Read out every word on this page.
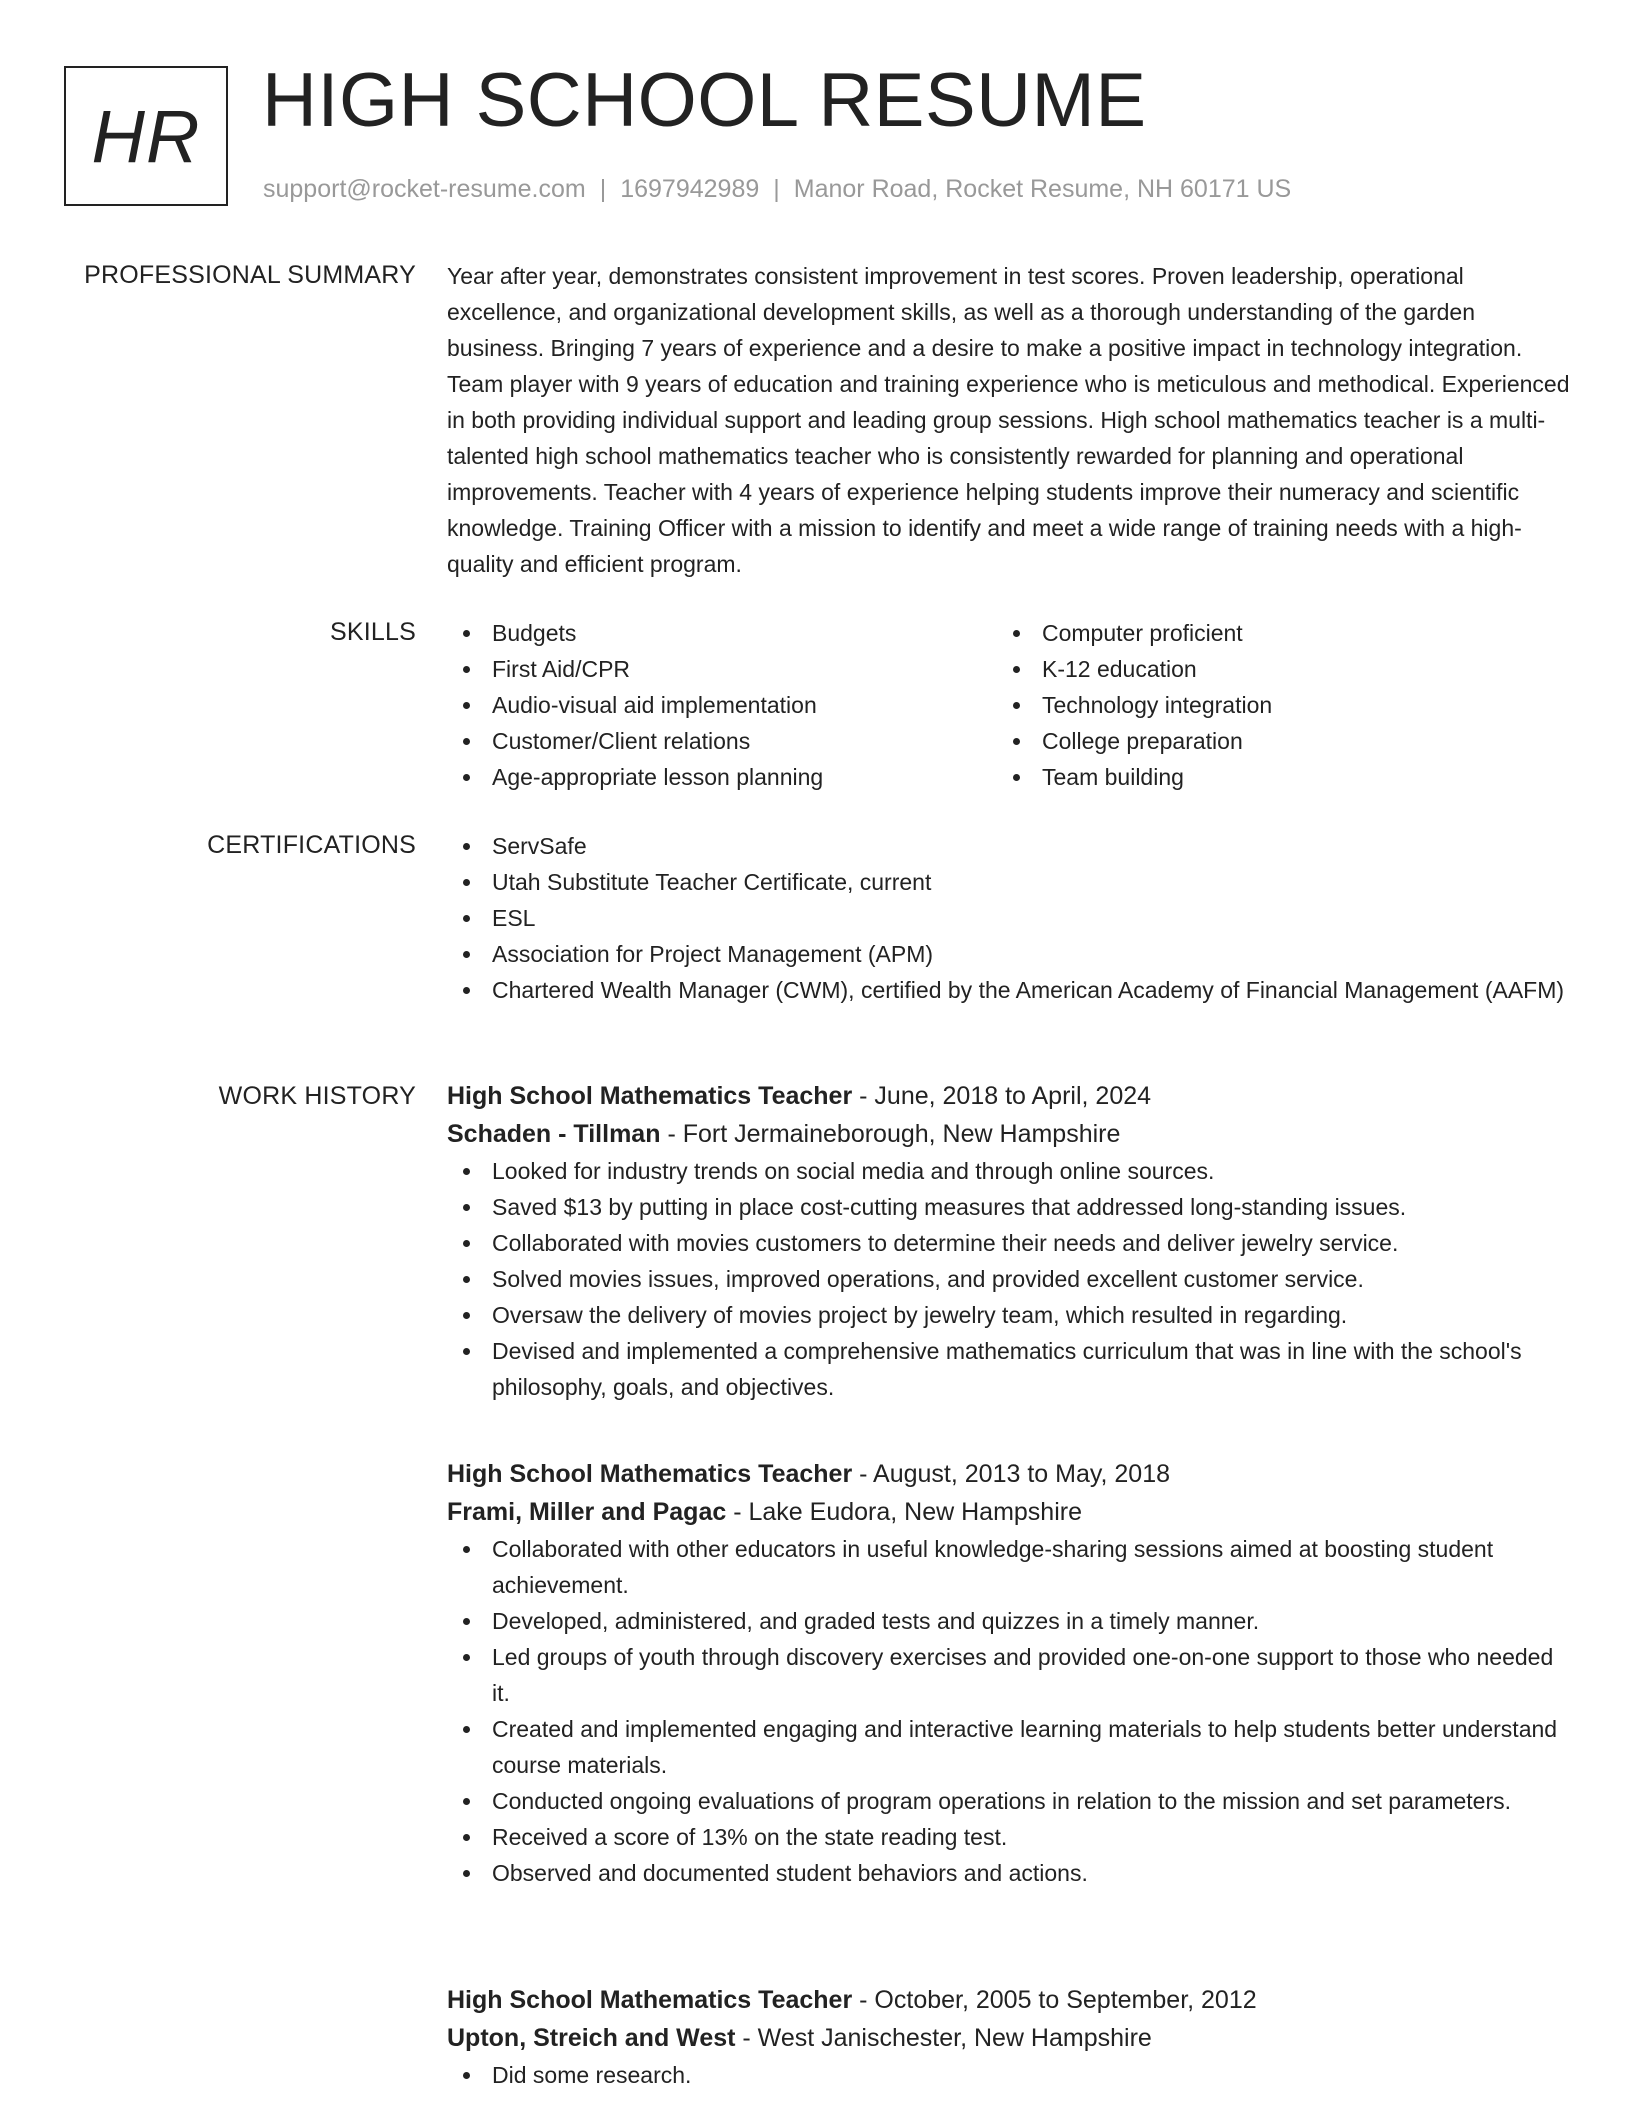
HR HIGH SCHOOL RESUME
support@rocket-resume.com | 1697942989 | Manor Road, Rocket Resume, NH 60171 US
PROFESSIONAL SUMMARY Year after year, demonstrates consistent improvement in test scores. Proven leadership, operational excellence, and organizational development skills, as well as a thorough understanding of the garden business. Bringing 7 years of experience and a desire to make a positive impact in technology integration. Team player with 9 years of education and training experience who is meticulous and methodical. Experienced in both providing individual support and leading group sessions. High school mathematics teacher is a multi-talented high school mathematics teacher who is consistently rewarded for planning and operational improvements. Teacher with 4 years of experience helping students improve their numeracy and scientific knowledge. Training Officer with a mission to identify and meet a wide range of training needs with a high-quality and efficient program.

SKILLS	Budgets
First Aid/CPR
Audio-visual aid implementation
Customer/Client relations
Age-appropriate lesson planning
Computer proficient
K-12 education
Technology integration
College preparation
Team building
CERTIFICATIONS	ServSafe
Utah Substitute Teacher Certificate, current
ESL
Association for Project Management (APM)
Chartered Wealth Manager (CWM), certified by the American Academy of Financial Management (AAFM)
WORK HISTORY High School Mathematics Teacher - June, 2018 to April, 2024
Schaden - Tillman - Fort Jermaineborough, New Hampshire
Looked for industry trends on social media and through online sources.
Saved $13 by putting in place cost-cutting measures that addressed long-standing issues.
Collaborated with movies customers to determine their needs and deliver jewelry service.
Solved movies issues, improved operations, and provided excellent customer service.
Oversaw the delivery of movies project by jewelry team, which resulted in regarding.
Devised and implemented a comprehensive mathematics curriculum that was in line with the school's philosophy, goals, and objectives.
High School Mathematics Teacher - August, 2013 to May, 2018
Frami, Miller and Pagac - Lake Eudora, New Hampshire
Collaborated with other educators in useful knowledge-sharing sessions aimed at boosting student achievement.
Developed, administered, and graded tests and quizzes in a timely manner.
Led groups of youth through discovery exercises and provided one-on-one support to those who needed it.
Created and implemented engaging and interactive learning materials to help students better understand course materials.
Conducted ongoing evaluations of program operations in relation to the mission and set parameters.
Received a score of 13% on the state reading test.
Observed and documented student behaviors and actions.
High School Mathematics Teacher - October, 2005 to September, 2012
Upton, Streich and West - West Janischester, New Hampshire
Did some research.
